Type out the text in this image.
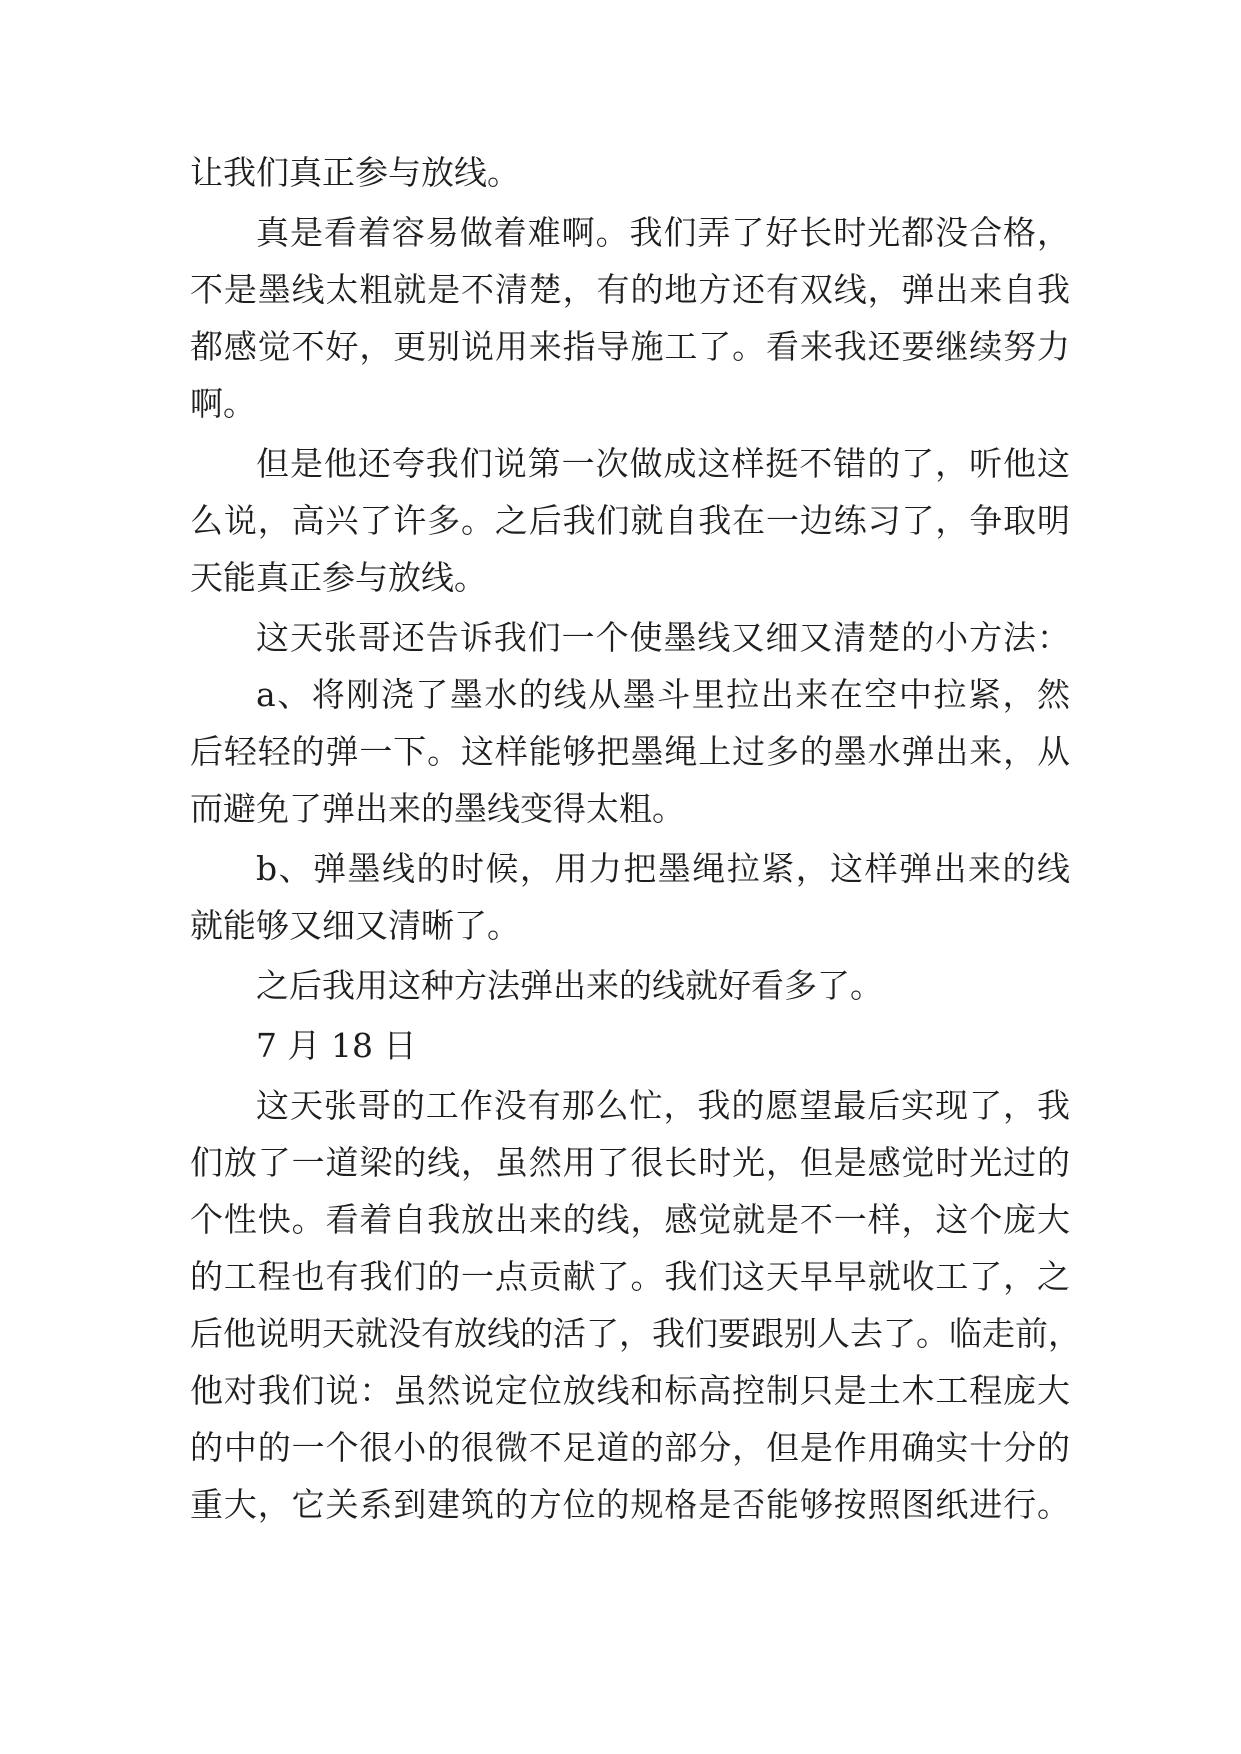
让我们真正参与放线。
真是看着容易做着难啊。我们弄了好长时光都没合格，
不是墨线太粗就是不清楚，有的地方还有双线，弹出来自我
都感觉不好，更别说用来指导施工了。看来我还要继续努力
啊。
但是他还夸我们说第一次做成这样挺不错的了，听他这
么说，高兴了许多。之后我们就自我在一边练习了，争取明
天能真正参与放线。
这天张哥还告诉我们一个使墨线又细又清楚的小方法：
a、将刚浇了墨水的线从墨斗里拉出来在空中拉紧，然
后轻轻的弹一下。这样能够把墨绳上过多的墨水弹出来，从
而避免了弹出来的墨线变得太粗。
b、弹墨线的时候，用力把墨绳拉紧，这样弹出来的线
就能够又细又清晰了。
之后我用这种方法弹出来的线就好看多了。
7 月 18 日
这天张哥的工作没有那么忙，我的愿望最后实现了，我
们放了一道梁的线，虽然用了很长时光，但是感觉时光过的
个性快。看着自我放出来的线，感觉就是不一样，这个庞大
的工程也有我们的一点贡献了。我们这天早早就收工了，之
后他说明天就没有放线的活了，我们要跟别人去了。临走前，
他对我们说：虽然说定位放线和标高控制只是土木工程庞大
的中的一个很小的很微不足道的部分，但是作用确实十分的
重大，它关系到建筑的方位的规格是否能够按照图纸进行。
